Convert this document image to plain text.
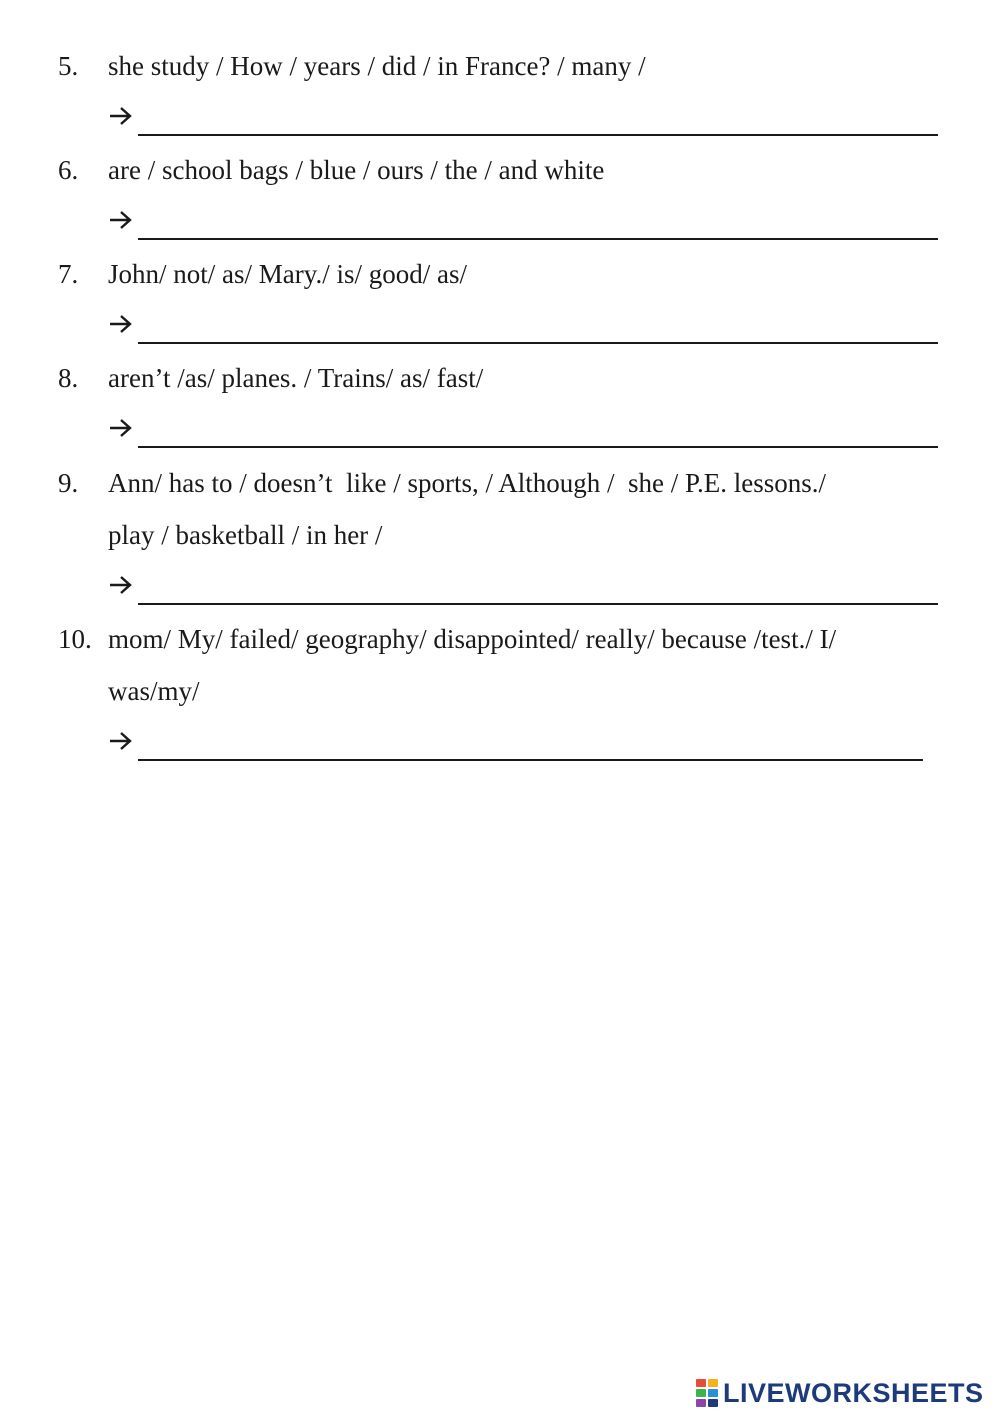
5. she study / How / years / did / in France? / many /
6. are / school bags / blue / ours / the / and white
7. John/ not/ as/ Mary./ is/ good/ as/
8. aren’t /as/ planes. / Trains/ as/ fast/
9. Ann/ has to / doesn’t  like / sports, / Although /  she / P.E. lessons./
play / basketball / in her /
10. mom/ My/ failed/ geography/ disappointed/ really/ because /test./ I/
was/my/
LIVEWORKSHEETS
